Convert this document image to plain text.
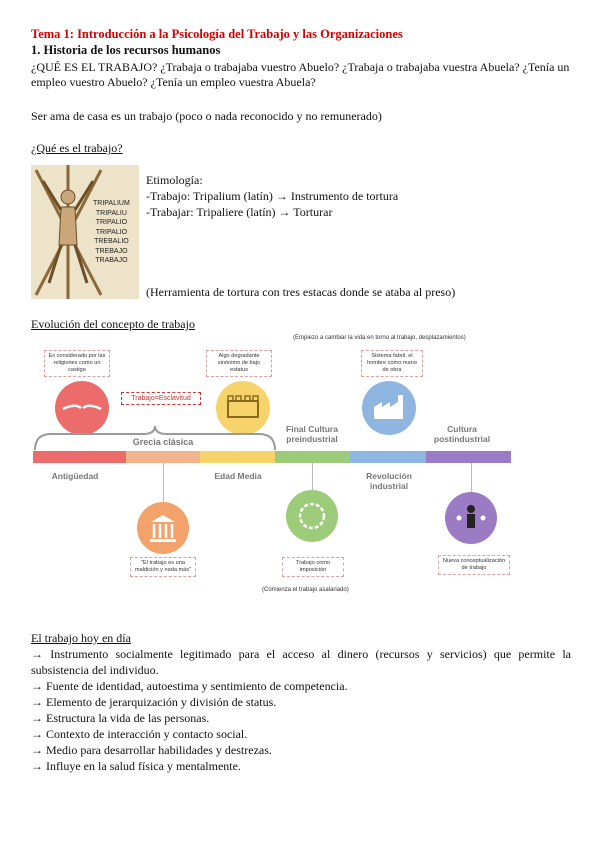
Tema 1: Introducción a la Psicología del Trabajo y las Organizaciones
1. Historia de los recursos humanos
¿QUÉ ES EL TRABAJO? ¿Trabaja o trabajaba vuestro Abuelo? ¿Trabaja o trabajaba vuestra Abuela? ¿Tenía un empleo vuestro Abuelo? ¿Tenía un empleo vuestra Abuela?
Ser ama de casa es un trabajo (poco o nada reconocido y no remunerado)
¿Qué es el trabajo?
TRIPALIUM
TRIPALIU
TRIPALIO
TRIPALIO
TREBALIO
TREBAJO
TRABAJO
Etimología:
-Trabajo: Tripalium (latín) → Instrumento de tortura
-Trabajar: Tripaliere (latín) → Torturar
(Herramienta de tortura con tres estacas donde se ataba al preso)
Evolución del concepto de trabajo
(Empiezo a cambiar la vida en torno al trabajo, desplazamientos)
Es considerado por las religiones como un castigo
Algo degradante sinónimo de bajo estatus
Sistema fabril, el hombre como mano de obra
Trabajo=Esclavitud
Grecia clásica
Final Cultura preindustrial
Cultura postindustrial
Antigüedad	Edad Media	Revolución industrial
"El trabajo es una maldición y nada más"
Trabajo como imposición
Nueva conceptualización de trabajo
(Comienza el trabajo asalariado)
El trabajo hoy en día
→ Instrumento socialmente legitimado para el acceso al dinero (recursos y servicios) que permite la subsistencia del individuo.
→ Fuente de identidad, autoestima y sentimiento de competencia.
→ Elemento de jerarquización y división de status.
→ Estructura la vida de las personas.
→ Contexto de interacción y contacto social.
→ Medio para desarrollar habilidades y destrezas.
→ Influye en la salud física y mentalmente.
